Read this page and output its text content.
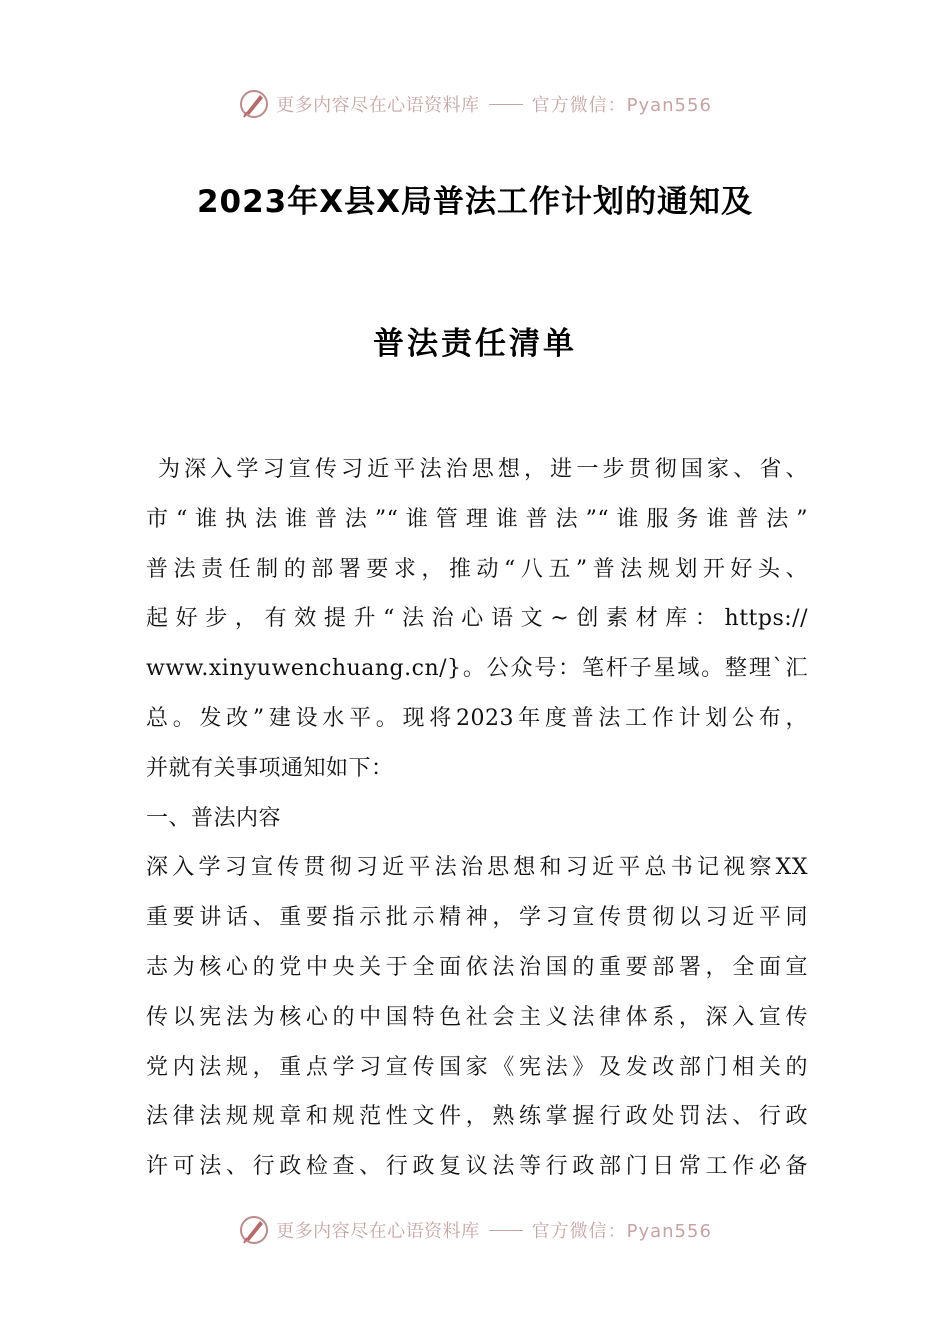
更多内容尽在心语资料库	官方微信：Pyan556
2023年X县X局普法工作计划的通知及
普法责任清单
为深入学习宣传习近平法治思想，进一步贯彻国家、省、
市“谁执法谁普法”“谁管理谁普法”“谁服务谁普法”
普法责任制的部署要求，推动“八五”普法规划开好头、
起好步，有效提升“法治心语文~创素材库：https://
www.xinyuwenchuang.cn/}。公众号：笔杆子星域。整理`汇
总。发改”建设水平。现将2023年度普法工作计划公布，
并就有关事项通知如下：
一、普法内容
深入学习宣传贯彻习近平法治思想和习近平总书记视察XX
重要讲话、重要指示批示精神，学习宣传贯彻以习近平同
志为核心的党中央关于全面依法治国的重要部署，全面宣
传以宪法为核心的中国特色社会主义法律体系，深入宣传
党内法规，重点学习宣传国家《宪法》及发改部门相关的
法律法规规章和规范性文件，熟练掌握行政处罚法、行政
许可法、行政检查、行政复议法等行政部门日常工作必备
更多内容尽在心语资料库	官方微信：Pyan556
